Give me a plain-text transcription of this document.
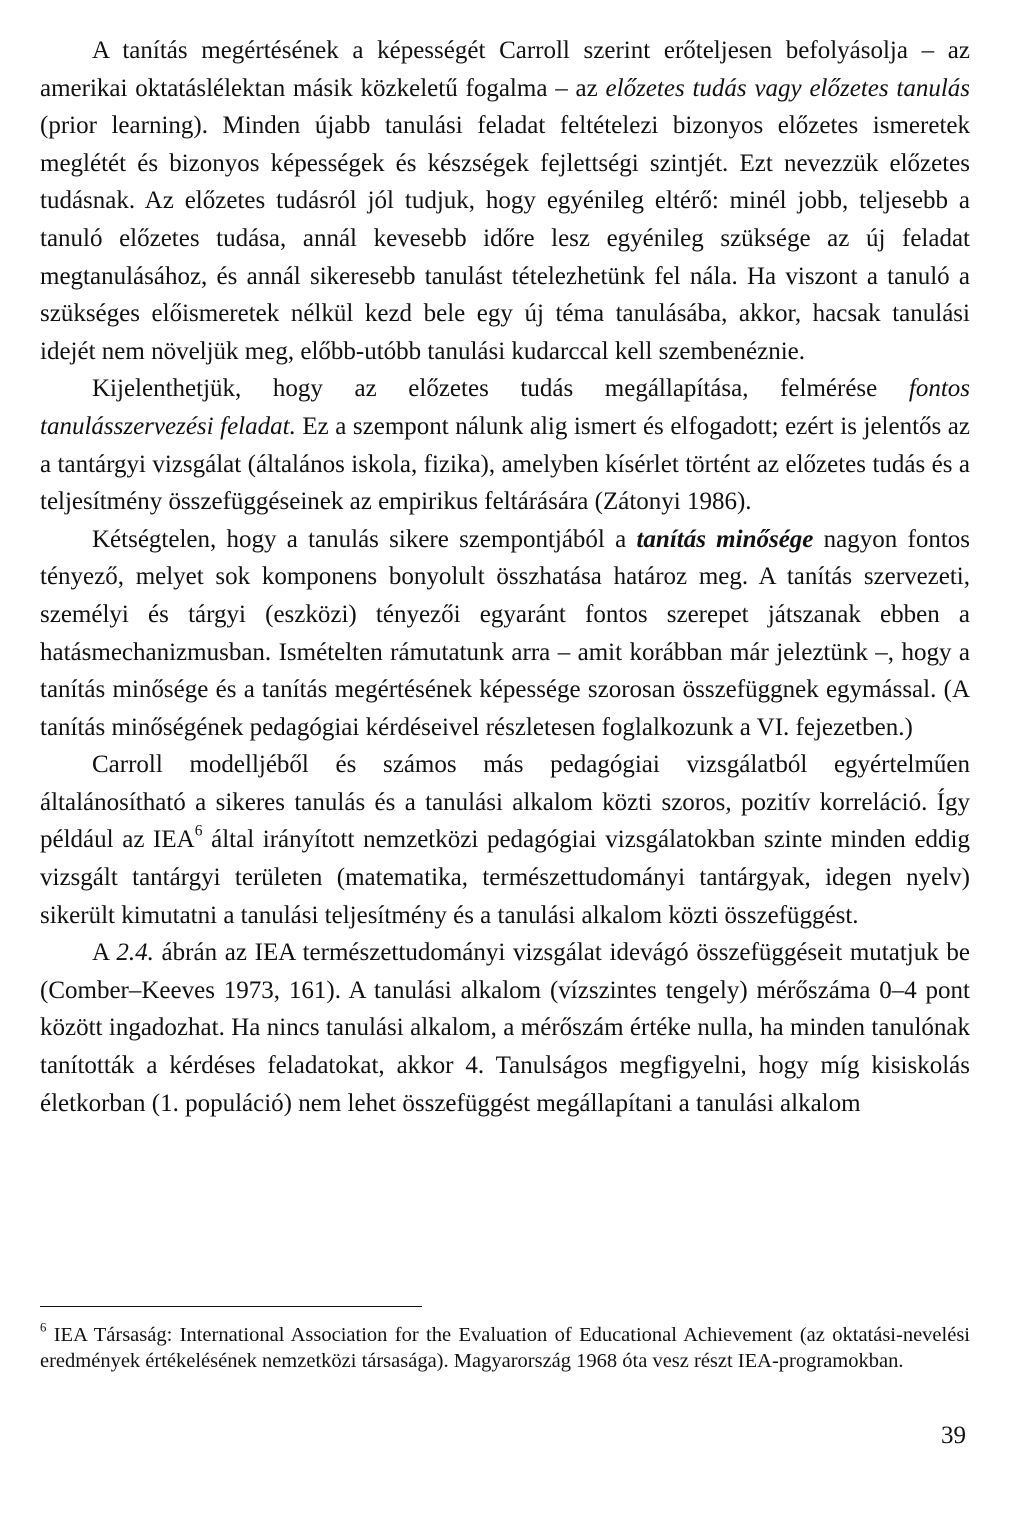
A tanítás megértésének a képességét Carroll szerint erőteljesen befolyásolja – az amerikai oktatáslélektan másik közkeletű fogalma – az előzetes tudás vagy előzetes tanulás (prior learning). Minden újabb tanulási feladat feltételezi bizonyos előzetes ismeretek meglétét és bizonyos képességek és készségek fejlettségi szintjét. Ezt nevezzük előzetes tudásnak. Az előzetes tudásról jól tudjuk, hogy egyénileg eltérő: minél jobb, teljesebb a tanuló előzetes tudása, annál kevesebb időre lesz egyénileg szüksége az új feladat megtanulásához, és annál sikeresebb tanulást tételezhetünk fel nála. Ha viszont a tanuló a szükséges előismeretek nélkül kezd bele egy új téma tanulásába, akkor, hacsak tanulási idejét nem növeljük meg, előbb-utóbb tanulási kudarccal kell szembenéznie.

Kijelenthetjük, hogy az előzetes tudás megállapítása, felmérése fontos tanulásszervezési feladat. Ez a szempont nálunk alig ismert és elfogadott; ezért is jelentős az a tantárgyi vizsgálat (általános iskola, fizika), amelyben kísérlet történt az előzetes tudás és a teljesítmény összefüggéseinek az empirikus feltárására (Zátonyi 1986).

Kétségtelen, hogy a tanulás sikere szempontjából a tanítás minősége nagyon fontos tényező, melyet sok komponens bonyolult összhatása határoz meg. A tanítás szervezeti, személyi és tárgyi (eszközi) tényezői egyaránt fontos szerepet játszanak ebben a hatásmechanizmusban. Ismételten rámutatunk arra – amit korábban már jeleztünk –, hogy a tanítás minősége és a tanítás megértésének képessége szorosan összefüggnek egymással. (A tanítás minőségének pedagógiai kérdéseivel részletesen foglalkozunk a VI. fejezetben.)

Carroll modelljéből és számos más pedagógiai vizsgálatból egyértelműen általánosítható a sikeres tanulás és a tanulási alkalom közti szoros, pozitív korreláció. Így például az IEA$^6$ által irányított nemzetközi pedagógiai vizsgálatokban szinte minden eddig vizsgált tantárgyi területen (matematika, természettudományi tantárgyak, idegen nyelv) sikerült kimutatni a tanulási teljesítmény és a tanulási alkalom közti összefüggést.

A 2.4. ábrán az IEA természettudományi vizsgálat idevágó összefüggéseit mutatjuk be (Comber–Keeves 1973, 161). A tanulási alkalom (vízszintes tengely) mérőszáma 0–4 pont között ingadozhat. Ha nincs tanulási alkalom, a mérőszám értéke nulla, ha minden tanulónak tanították a kérdéses feladatokat, akkor 4. Tanulságos megfigyelni, hogy míg kisiskolás életkorban (1. populáció) nem lehet összefüggést megállapítani a tanulási alkalom

$^6$ IEA Társaság: International Association for the Evaluation of Educational Achievement (az oktatási-nevelési eredmények értékelésének nemzetközi társasága). Magyarország 1968 óta vesz részt IEA-programokban.
39
